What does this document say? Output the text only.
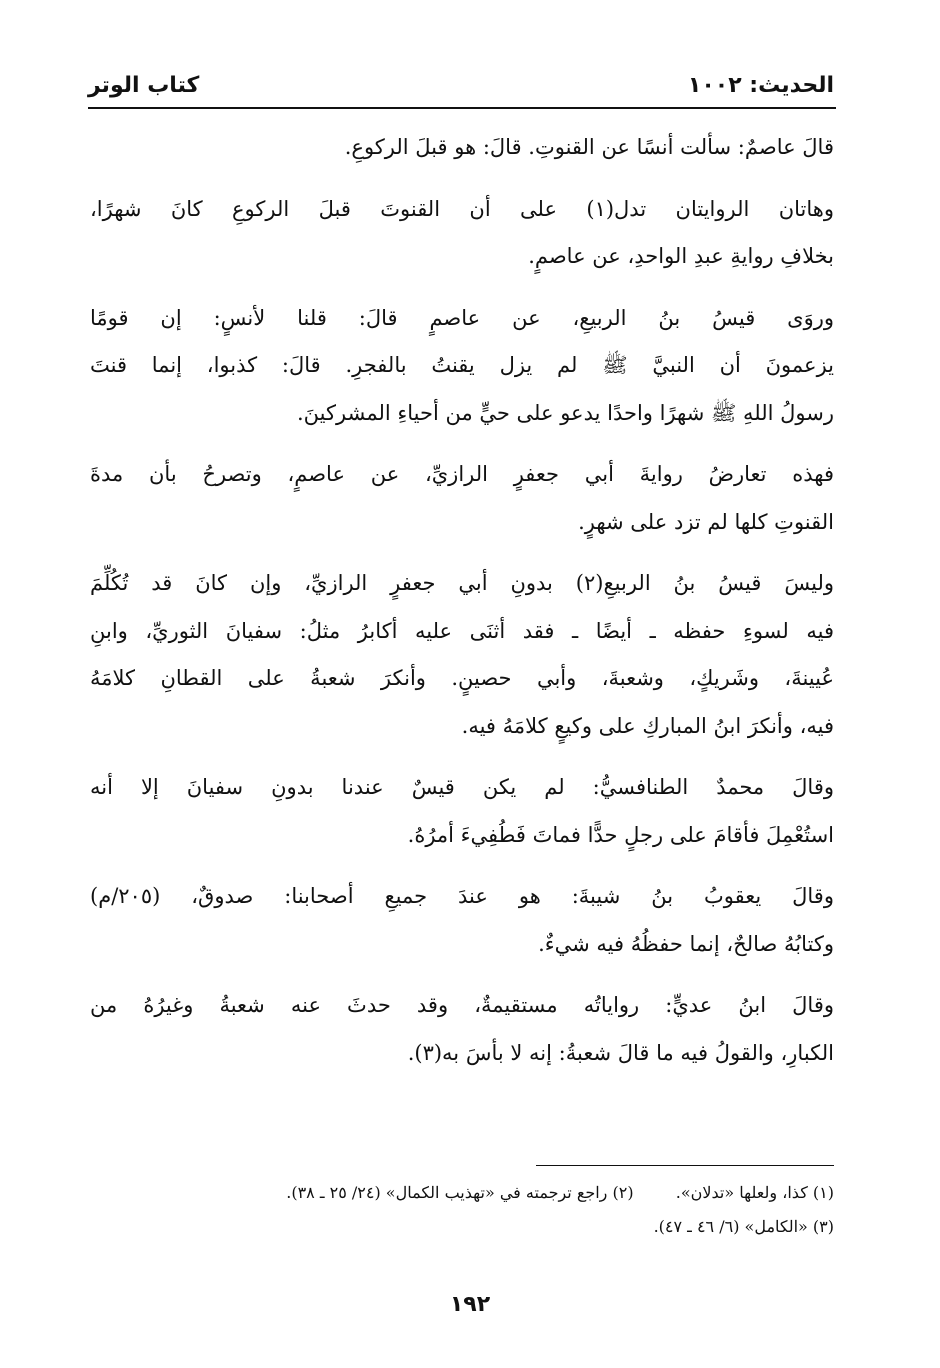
الحديث: ١٠٠٢
كتاب الوتر
قالَ عاصمٌ: سألت أنسًا عن القنوتِ. قالَ: هو قبلَ الركوعِ.
وهاتان الروايتان تدل(١) على أن القنوتَ قبلَ الركوعِ كانَ شهرًا،
بخلافِ روايةِ عبدِ الواحدِ، عن عاصمٍ.
وروَى قيسُ بنُ الربيعِ، عن عاصمٍ قالَ: قلنا لأنسٍ: إن قومًا
يزعمونَ أن النبيَّ ﷺ لم يزل يقنتُ بالفجرِ. قالَ: كذبوا، إنما قنتَ
رسولُ اللهِ ﷺ شهرًا واحدًا يدعو على حيٍّ من أحياءِ المشركينَ.
فهذه تعارضُ روايةَ أبي جعفرٍ الرازيِّ، عن عاصمٍ، وتصرحُ بأن مدةَ
القنوتِ كلها لم تزد على شهرٍ.
وليسَ قيسُ بنُ الربيعِ(٢) بدونِ أبي جعفرٍ الرازيِّ، وإن كانَ قد تُكُلِّمَ
فيه لسوءِ حفظه ـ أيضًا ـ فقد أثنَى عليه أكابرُ مثلُ: سفيانَ الثوريِّ، وابنِ
عُيينةَ، وشَريكٍ، وشعبةَ، وأبي حصينٍ. وأنكرَ شعبةُ على القطانِ كلامَهُ
فيه، وأنكرَ ابنُ المباركِ على وكيعٍ كلامَهُ فيه.
وقالَ محمدٌ الطنافسيُّ: لم يكن قيسٌ عندنا بدونِ سفيانَ إلا أنه
استُعْمِلَ فأقامَ على رجلٍ حدًّا فماتَ فَطُفِيءَ أمرُهُ.
وقالَ يعقوبُ بنُ شيبةَ: هو عندَ جميعِ أصحابنا: صدوقٌ، (٢٠٥/م)
وكتابُهُ صالحٌ، إنما حفظُهُ فيه شيءٌ.
وقالَ ابنُ عديٍّ: رواياتُه مستقيمةٌ، وقد حدثَ عنه شعبةُ وغيرُهُ من
الكبارِ، والقولُ فيه ما قالَ شعبةُ: إنه لا بأسَ به(٣).
(١) كذا، ولعلها «تدلان».  (٢) راجع ترجمته في «تهذيب الكمال» (٢٤/ ٢٥ ـ ٣٨).
(٣) «الكامل» (٦/ ٤٦ ـ ٤٧).
١٩٢
